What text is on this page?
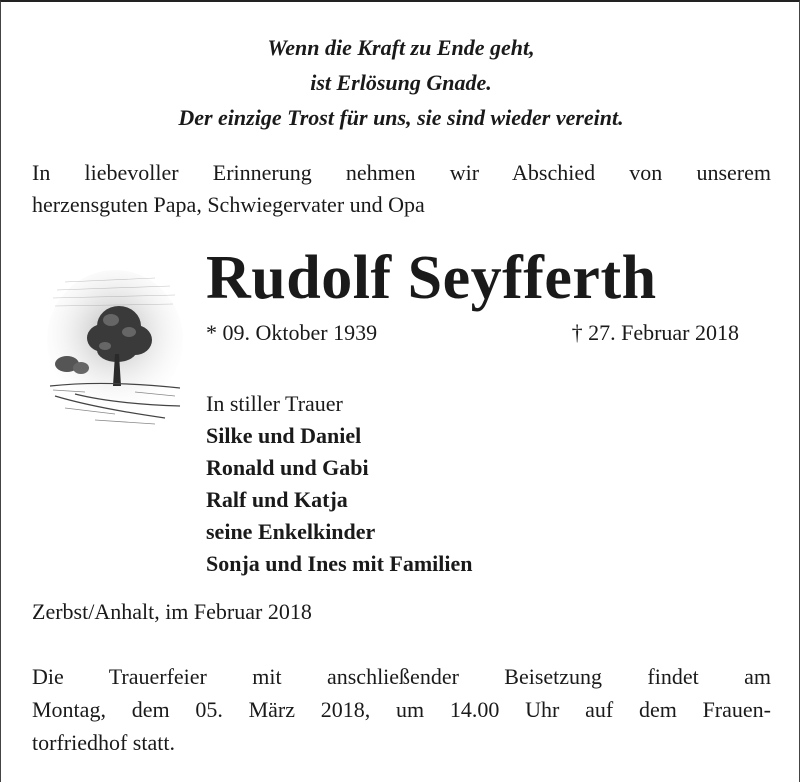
Wenn die Kraft zu Ende geht,
ist Erlösung Gnade.
Der einzige Trost für uns, sie sind wieder vereint.
In liebevoller Erinnerung nehmen wir Abschied von unserem
herzensguten Papa, Schwiegervater und Opa
Rudolf Seyfferth
* 09. Oktober 1939	† 27. Februar 2018
In stiller Trauer
Silke und Daniel
Ronald und Gabi
Ralf und Katja
seine Enkelkinder
Sonja und Ines mit Familien
Zerbst/Anhalt, im Februar 2018
Die Trauerfeier mit anschließender Beisetzung findet am
Montag, dem 05. März 2018, um 14.00 Uhr auf dem Frauen-
torfriedhof statt.
